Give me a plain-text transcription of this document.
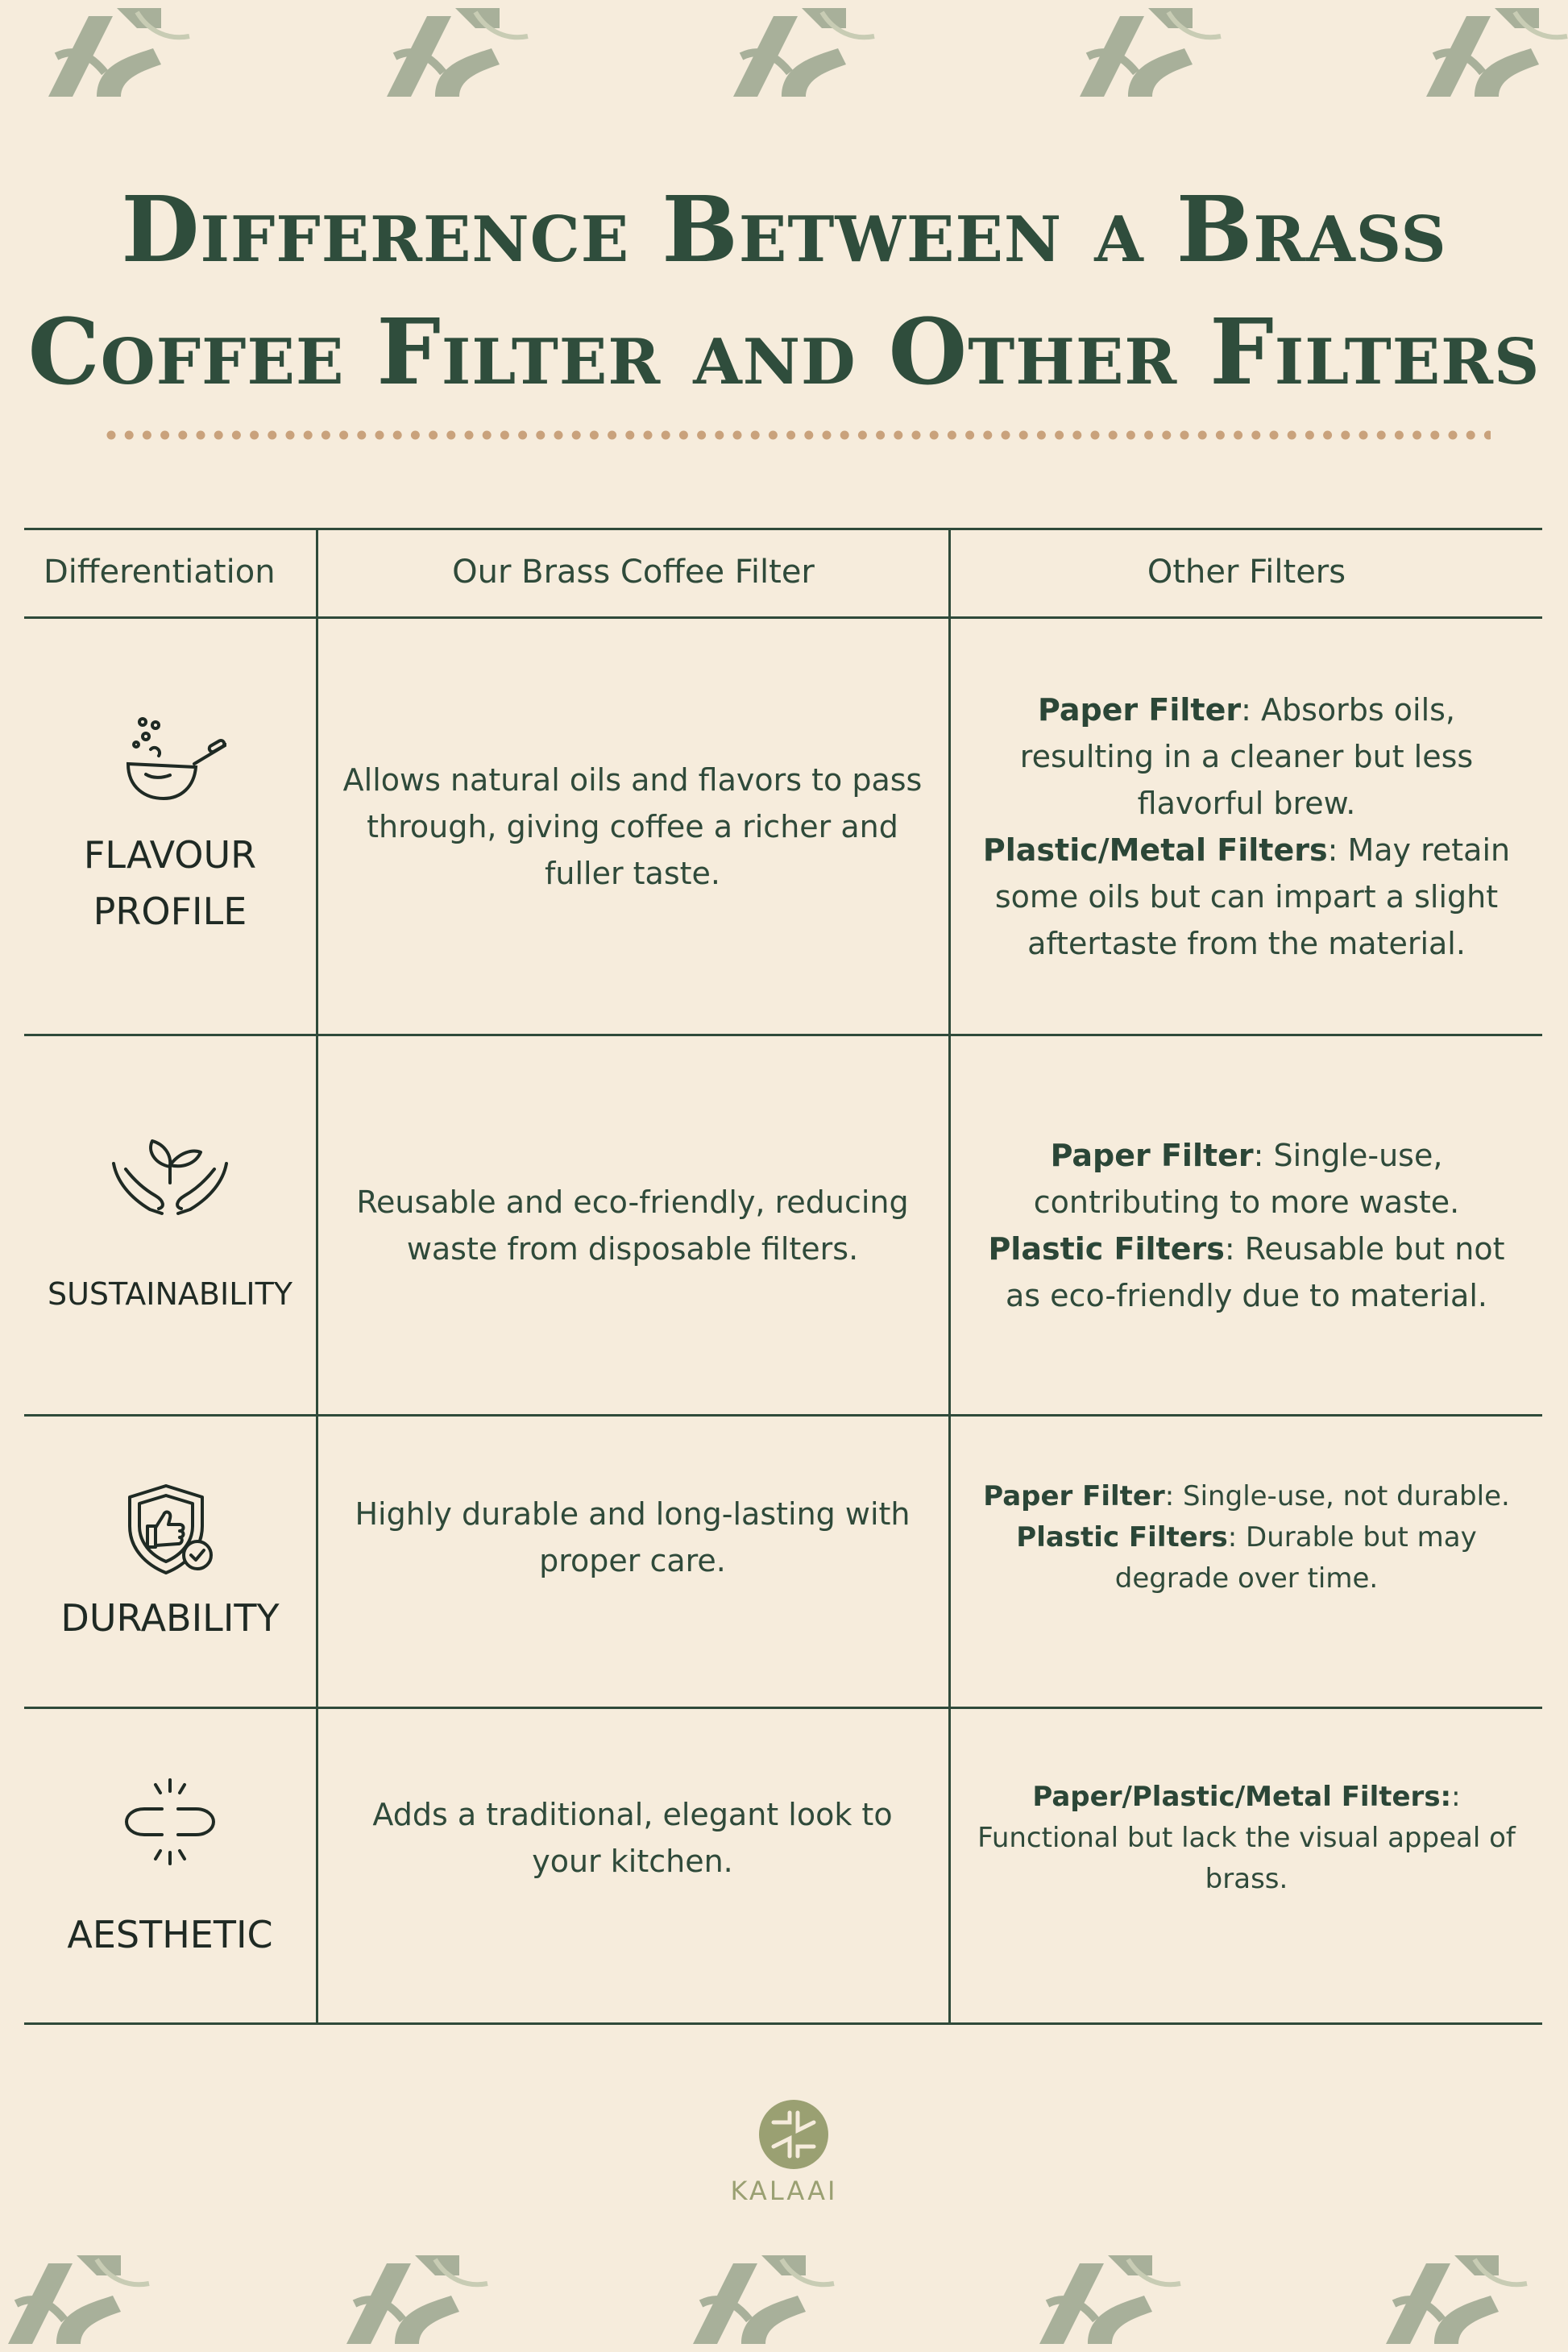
Difference Between a Brass
Coffee Filter and Other Filters
Differentiation	Our Brass Coffee Filter	Other Filters
FLAVOUR
PROFILE
Allows natural oils and flavors to pass through, giving coffee a richer and fuller taste.
Paper Filter: Absorbs oils, resulting in a cleaner but less flavorful brew.
Plastic/Metal Filters: May retain some oils but can impart a slight aftertaste from the material.
SUSTAINABILITY
Reusable and eco-friendly, reducing waste from disposable filters.
Paper Filter: Single-use, contributing to more waste.
Plastic Filters: Reusable but not as eco-friendly due to material.
DURABILITY
Highly durable and long-lasting with proper care.
Paper Filter: Single-use, not durable.
Plastic Filters: Durable but may degrade over time.
AESTHETIC
Adds a traditional, elegant look to your kitchen.
Paper/Plastic/Metal Filters:: Functional but lack the visual appeal of brass.
KALAAI
